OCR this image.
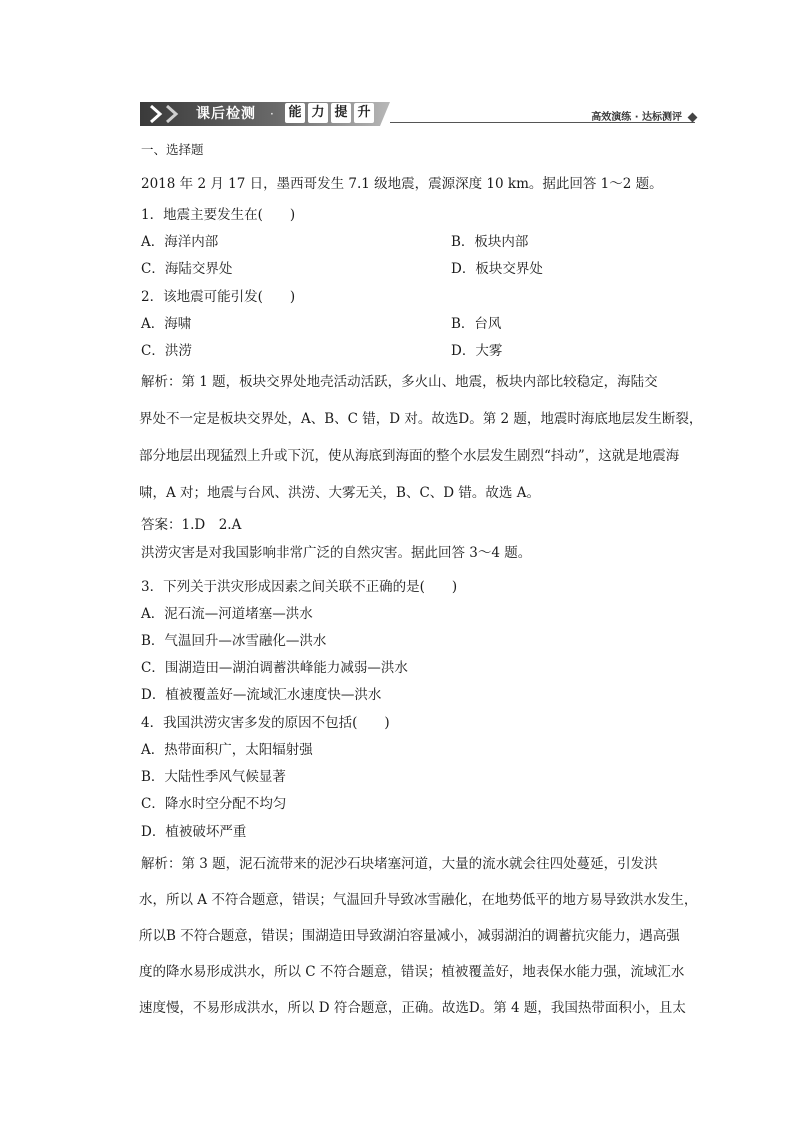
课后检测 · 能 力 提 升	高效演练 · 达标测评
一、选择题
2018 年 2 月 17 日，墨西哥发生 7.1 级地震，震源深度 10 km。据此回答 1～2 题。
1．地震主要发生在(　　)
A．海洋内部	B．板块内部
C．海陆交界处	D．板块交界处
2．该地震可能引发(　　)
A．海啸	B．台风
C．洪涝	D．大雾
解析：第 1 题，板块交界处地壳活动活跃，多火山、地震，板块内部比较稳定，海陆交
界处不一定是板块交界处，A、B、C 错，D 对。故选D。第 2 题，地震时海底地层发生断裂，
部分地层出现猛烈上升或下沉，使从海底到海面的整个水层发生剧烈“抖动”，这就是地震海
啸，A 对；地震与台风、洪涝、大雾无关，B、C、D 错。故选 A。
答案：1.D　2.A
洪涝灾害是对我国影响非常广泛的自然灾害。据此回答 3～4 题。
3．下列关于洪灾形成因素之间关联不正确的是(　　)
A．泥石流—河道堵塞—洪水
B．气温回升—冰雪融化—洪水
C．围湖造田—湖泊调蓄洪峰能力减弱—洪水
D．植被覆盖好—流域汇水速度快—洪水
4．我国洪涝灾害多发的原因不包括(　　)
A．热带面积广，太阳辐射强
B．大陆性季风气候显著
C．降水时空分配不均匀
D．植被破坏严重
解析：第 3 题，泥石流带来的泥沙石块堵塞河道，大量的流水就会往四处蔓延，引发洪
水，所以 A 不符合题意，错误；气温回升导致冰雪融化，在地势低平的地方易导致洪水发生，
所以B 不符合题意，错误；围湖造田导致湖泊容量减小，减弱湖泊的调蓄抗灾能力，遇高强
度的降水易形成洪水，所以 C 不符合题意，错误；植被覆盖好，地表保水能力强，流域汇水
速度慢，不易形成洪水，所以 D 符合题意，正确。故选D。第 4 题，我国热带面积小，且太
